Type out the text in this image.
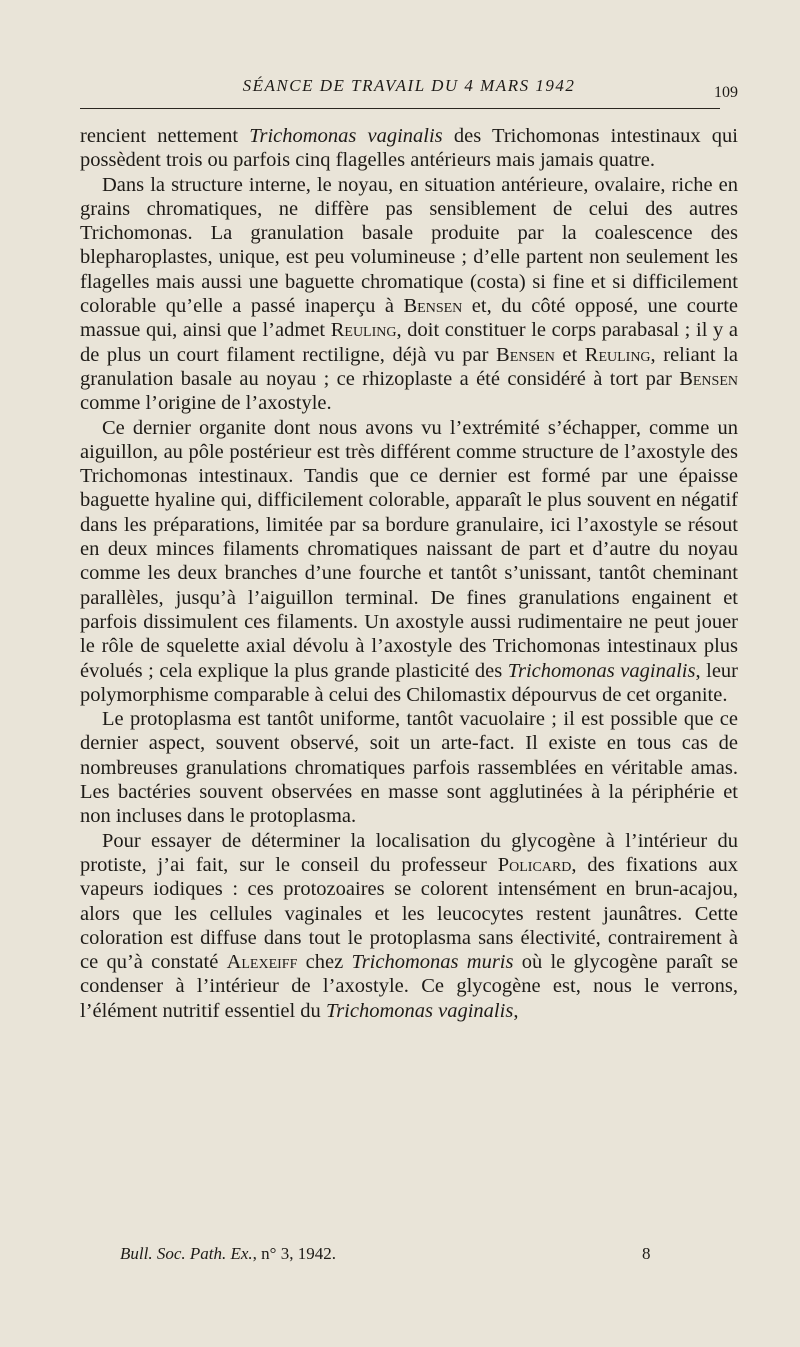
SÉANCE DE TRAVAIL DU 4 MARS 1942	109

rencient nettement Trichomonas vaginalis des Trichomonas intestinaux qui possèdent trois ou parfois cinq flagelles antérieurs mais jamais quatre.

Dans la structure interne, le noyau, en situation antérieure, ovalaire, riche en grains chromatiques, ne diffère pas sensiblement de celui des autres Trichomonas. La granulation basale produite par la coalescence des blepharoplastes, unique, est peu volumineuse ; d’elle partent non seulement les flagelles mais aussi une baguette chromatique (costa) si fine et si difficilement colorable qu’elle a passé inaperçu à Bensen et, du côté opposé, une courte massue qui, ainsi que l’admet Reuling, doit constituer le corps parabasal ; il y a de plus un court filament rectiligne, déjà vu par Bensen et Reuling, reliant la granulation basale au noyau ; ce rhizoplaste a été considéré à tort par Bensen comme l’origine de l’axostyle.

Ce dernier organite dont nous avons vu l’extrémité s’échapper, comme un aiguillon, au pôle postérieur est très différent comme structure de l’axostyle des Trichomonas intestinaux. Tandis que ce dernier est formé par une épaisse baguette hyaline qui, difficilement colorable, apparaît le plus souvent en négatif dans les préparations, limitée par sa bordure granulaire, ici l’axostyle se résout en deux minces filaments chromatiques naissant de part et d’autre du noyau comme les deux branches d’une fourche et tantôt s’unissant, tantôt cheminant parallèles, jusqu’à l’aiguillon terminal. De fines granulations engainent et parfois dissimulent ces filaments. Un axostyle aussi rudimentaire ne peut jouer le rôle de squelette axial dévolu à l’axostyle des Trichomonas intestinaux plus évolués ; cela explique la plus grande plasticité des Trichomonas vaginalis, leur polymorphisme comparable à celui des Chilomastix dépourvus de cet organite.

Le protoplasma est tantôt uniforme, tantôt vacuolaire ; il est possible que ce dernier aspect, souvent observé, soit un arte-fact. Il existe en tous cas de nombreuses granulations chromatiques parfois rassemblées en véritable amas. Les bactéries souvent observées en masse sont agglutinées à la périphérie et non incluses dans le protoplasma.

Pour essayer de déterminer la localisation du glycogène à l’intérieur du protiste, j’ai fait, sur le conseil du professeur Policard, des fixations aux vapeurs iodiques : ces protozoaires se colorent intensément en brun-acajou, alors que les cellules vaginales et les leucocytes restent jaunâtres. Cette coloration est diffuse dans tout le protoplasma sans électivité, contrairement à ce qu’à constaté Alexeiff chez Trichomonas muris où le glycogène paraît se condenser à l’intérieur de l’axostyle. Ce glycogène est, nous le verrons, l’élément nutritif essentiel du Trichomonas vaginalis,

Bull. Soc. Path. Ex., n° 3, 1942.	8
